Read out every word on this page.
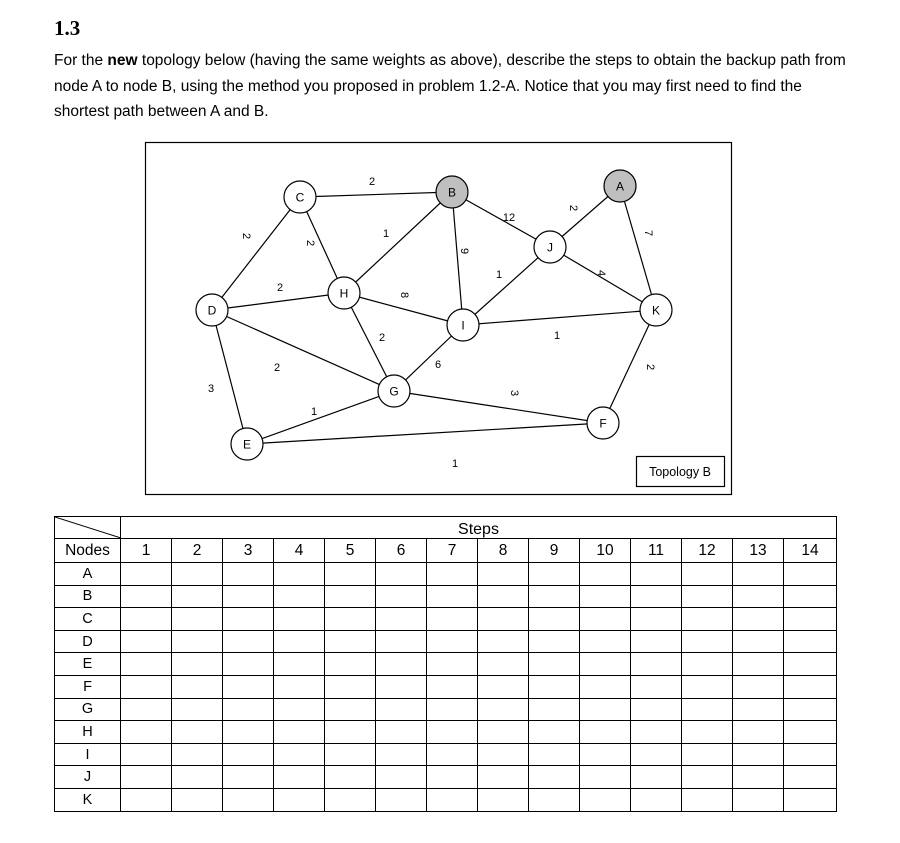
1.3
For the new topology below (having the same weights as above), describe the steps to obtain the backup path from node A to node B, using the method you proposed in problem 1.2-A. Notice that you may first need to find the shortest path between A and B.
2
2
2
2
2
3
1
8
2
9
12
1
6
1
2
4
7
2
3
1
1
A
B
C
D
E
F
G
H
I
J
K
Topology B

Steps													

Nodes	1	2	3	4	5	6	7	8	9	10	11	12	13	14
A														
B														
C														
D														
E														
F														
G														
H														
I														
J														
K														
